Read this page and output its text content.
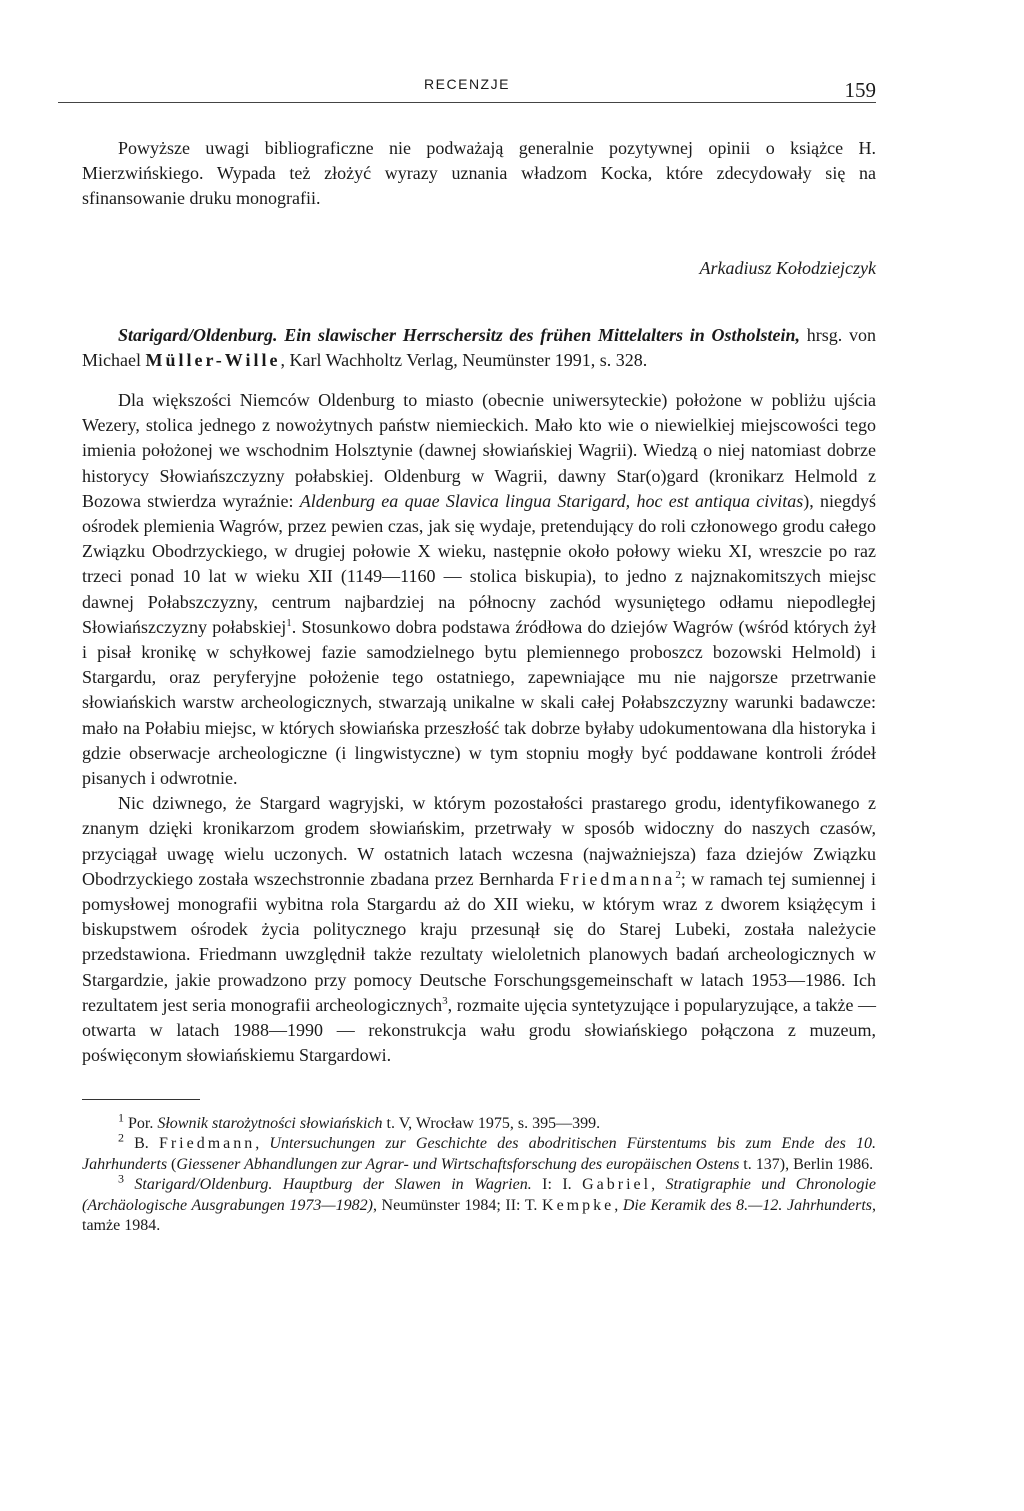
RECENZJE	159

Powyższe uwagi bibliograficzne nie podważają generalnie pozytywnej opinii o książce H. Mierzwińskiego. Wypada też złożyć wyrazy uznania władzom Kocka, które zdecydowały się na sfinansowanie druku monografii.

Arkadiusz Kołodziejczyk

Starigard/Oldenburg. Ein slawischer Herrschersitz des frühen Mittelalters in Ostholstein, hrsg. von Michael Müller-Wille, Karl Wachholtz Verlag, Neumünster 1991, s. 328.

Dla większości Niemców Oldenburg to miasto (obecnie uniwersyteckie) położone w pobliżu ujścia Wezery, stolica jednego z nowożytnych państw niemieckich. Mało kto wie o niewielkiej miejscowości tego imienia położonej we wschodnim Holsztynie (dawnej słowiańskiej Wagrii). Wiedzą o niej natomiast dobrze historycy Słowiańszczyzny połabskiej. Oldenburg w Wagrii, dawny Star(o)gard (kronikarz Helmold z Bozowa stwierdza wyraźnie: Aldenburg ea quae Slavica lingua Starigard, hoc est antiqua civitas), niegdyś ośrodek plemienia Wagrów, przez pewien czas, jak się wydaje, pretendujący do roli członowego grodu całego Związku Obodrzyckiego, w drugiej połowie X wieku, następnie około połowy wieku XI, wreszcie po raz trzeci ponad 10 lat w wieku XII (1149—1160 — stolica biskupia), to jedno z najznakomitszych miejsc dawnej Połabszczyzny, centrum najbardziej na północny zachód wysuniętego odłamu niepodległej Słowiańszczyzny połabskiej$^1$. Stosunkowo dobra podstawa źródłowa do dziejów Wagrów (wśród których żył i pisał kronikę w schyłkowej fazie samodzielnego bytu plemiennego proboszcz bozowski Helmold) i Stargardu, oraz peryferyjne położenie tego ostatniego, zapewniające mu nie najgorsze przetrwanie słowiańskich warstw archeologicznych, stwarzają unikalne w skali całej Połabszczyzny warunki badawcze: mało na Połabiu miejsc, w których słowiańska przeszłość tak dobrze byłaby udokumentowana dla historyka i gdzie obserwacje archeologiczne (i lingwistyczne) w tym stopniu mogły być poddawane kontroli źródeł pisanych i odwrotnie.

Nic dziwnego, że Stargard wagryjski, w którym pozostałości prastarego grodu, identyfikowanego z znanym dzięki kronikarzom grodem słowiańskim, przetrwały w sposób widoczny do naszych czasów, przyciągał uwagę wielu uczonych. W ostatnich latach wczesna (najważniejsza) faza dziejów Związku Obodrzyckiego została wszechstronnie zbadana przez Bernharda Friedmanna$^2$; w ramach tej sumiennej i pomysłowej monografii wybitna rola Stargardu aż do XII wieku, w którym wraz z dworem książęcym i biskupstwem ośrodek życia politycznego kraju przesunął się do Starej Lubeki, została należycie przedstawiona. Friedmann uwzględnił także rezultaty wieloletnich planowych badań archeologicznych w Stargardzie, jakie prowadzono przy pomocy Deutsche Forschungsgemeinschaft w latach 1953—1986. Ich rezultatem jest seria monografii archeologicznych$^3$, rozmaite ujęcia syntetyzujące i popularyzujące, a także — otwarta w latach 1988—1990 — rekonstrukcja wału grodu słowiańskiego połączona z muzeum, poświęconym słowiańskiemu Stargardowi.

$^1$ Por. Słownik starożytności słowiańskich t. V, Wrocław 1975, s. 395—399.

$^2$ B. Friedmann, Untersuchungen zur Geschichte des abodritischen Fürstentums bis zum Ende des 10. Jahrhunderts (Giessener Abhandlungen zur Agrar- und Wirtschaftsforschung des europäischen Ostens t. 137), Berlin 1986.

$^3$ Starigard/Oldenburg. Hauptburg der Slawen in Wagrien. I: I. Gabriel, Stratigraphie und Chronologie (Archäologische Ausgrabungen 1973—1982), Neumünster 1984; II: T. Kempke, Die Keramik des 8.—12. Jahrhunderts, tamże 1984.
